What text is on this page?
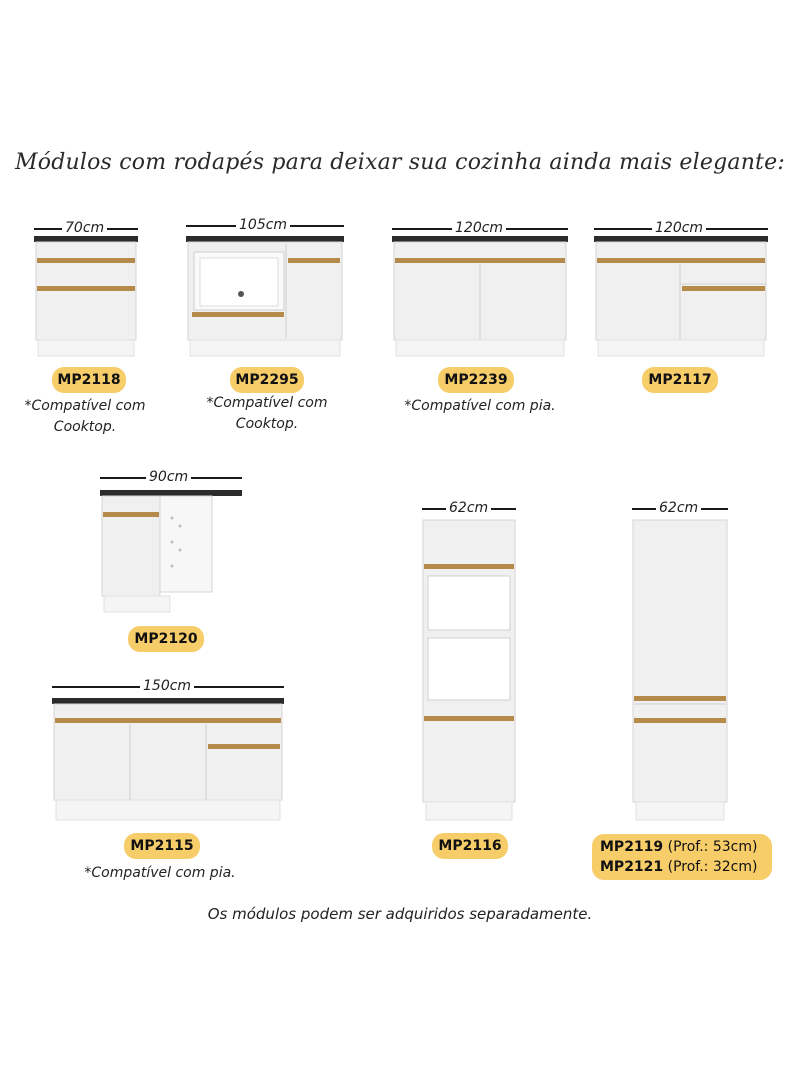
Módulos com rodapés para deixar sua cozinha ainda mais elegante:
70cm
MP2118
*Compatível com
Cooktop.
105cm
MP2295
*Compatível com
Cooktop.
120cm
MP2239
*Compatível com pia.
120cm
MP2117
90cm
MP2120
62cm
MP2116
62cm
MP2119 (Prof.: 53cm)
MP2121 (Prof.: 32cm)
150cm
MP2115
*Compatível com pia.
Os módulos podem ser adquiridos separadamente.
